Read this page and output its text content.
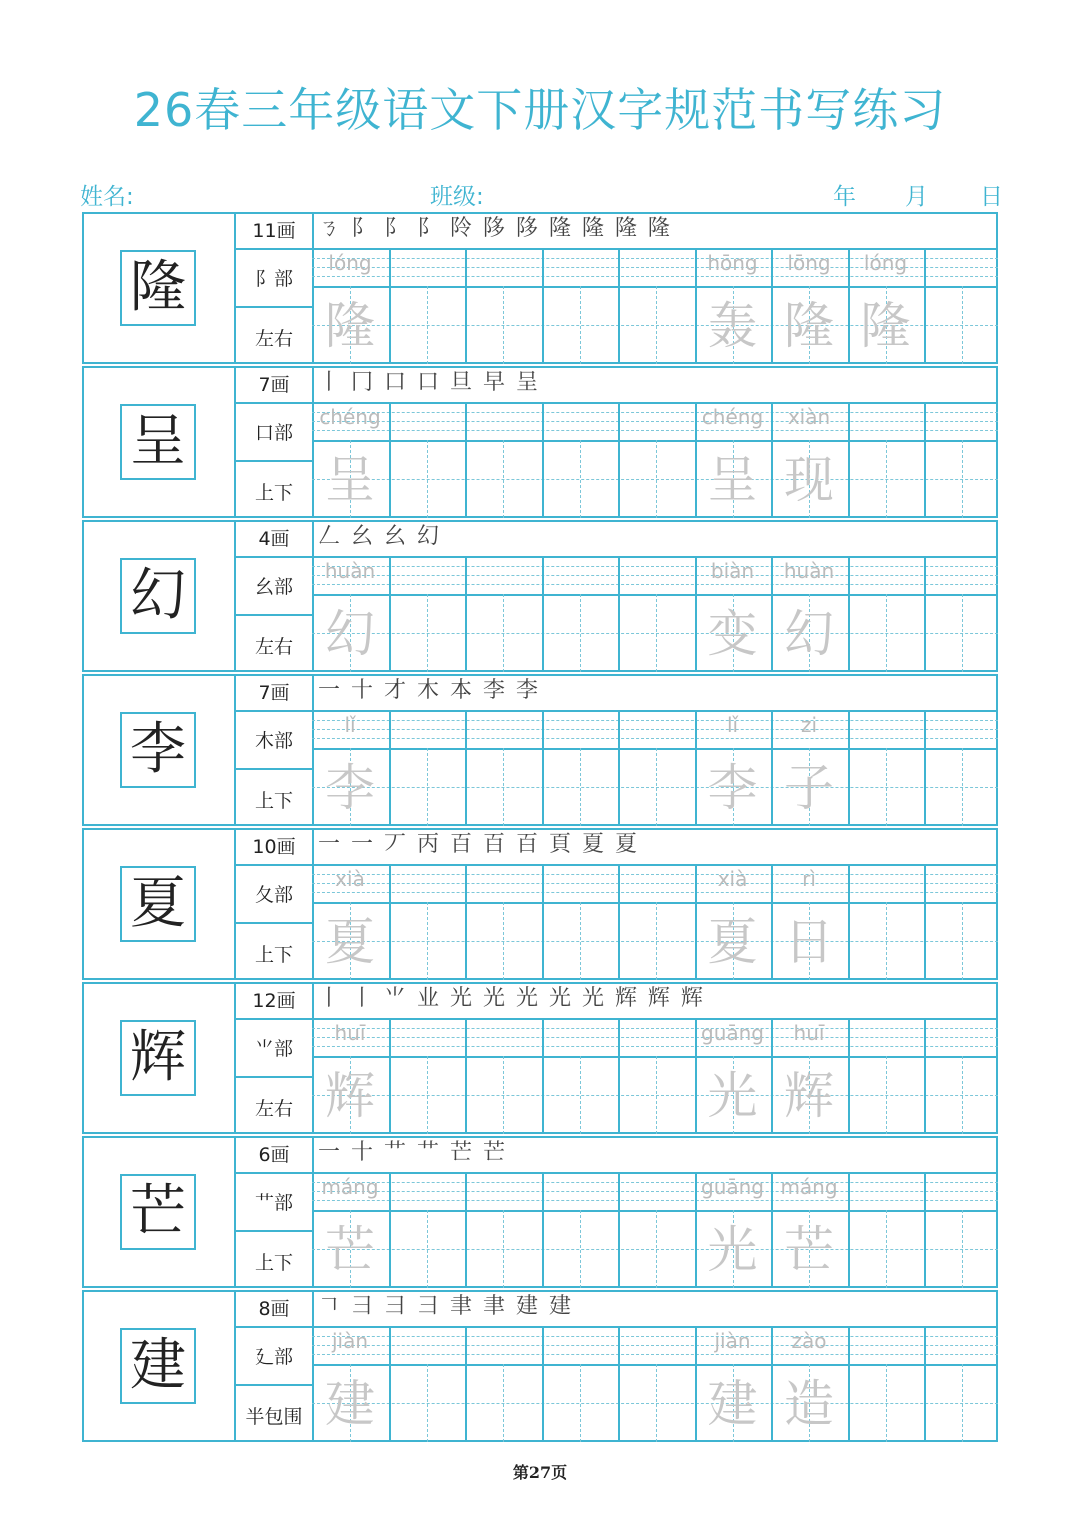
26春三年级语文下册汉字规范书写练习
姓名:	班级:	年 月 日
隆
11画
阝部
左右
ㄋ 阝 阝 阝 阾 陊 陊 隆 隆 隆 隆
lóng
隆
hōng
轰
lōng
隆
lóng
隆
呈
7画
口部
上下
丨 冂 口 口 旦 早 呈
chéng
呈
chéng
呈
xiàn
现
幻
4画
幺部
左右
𠃋 幺 幺 幻
huàn
幻
biàn
变
huàn
幻
李
7画
木部
上下
一 十 才 木 本 李 李
lǐ
李
lǐ
李
zi
子
夏
10画
夂部
上下
一 一 丆 丙 百 百 百 頁 夏 夏
xià
夏
xià
夏
rì
日
辉
12画
⺌部
左右
丨 丨 ⺌ 业 光 光 光 光 光 辉 辉 辉
huī
辉
guāng
光
huī
辉
芒
6画
艹部
上下
一 十 艹 艹 芒 芒
máng
芒
guāng
光
máng
芒
建
8画
廴部
半包围
𠃍 ⺕ ⺕ ⺕ 聿 聿 建 建
jiàn
建
jiàn
建
zào
造
第27页
